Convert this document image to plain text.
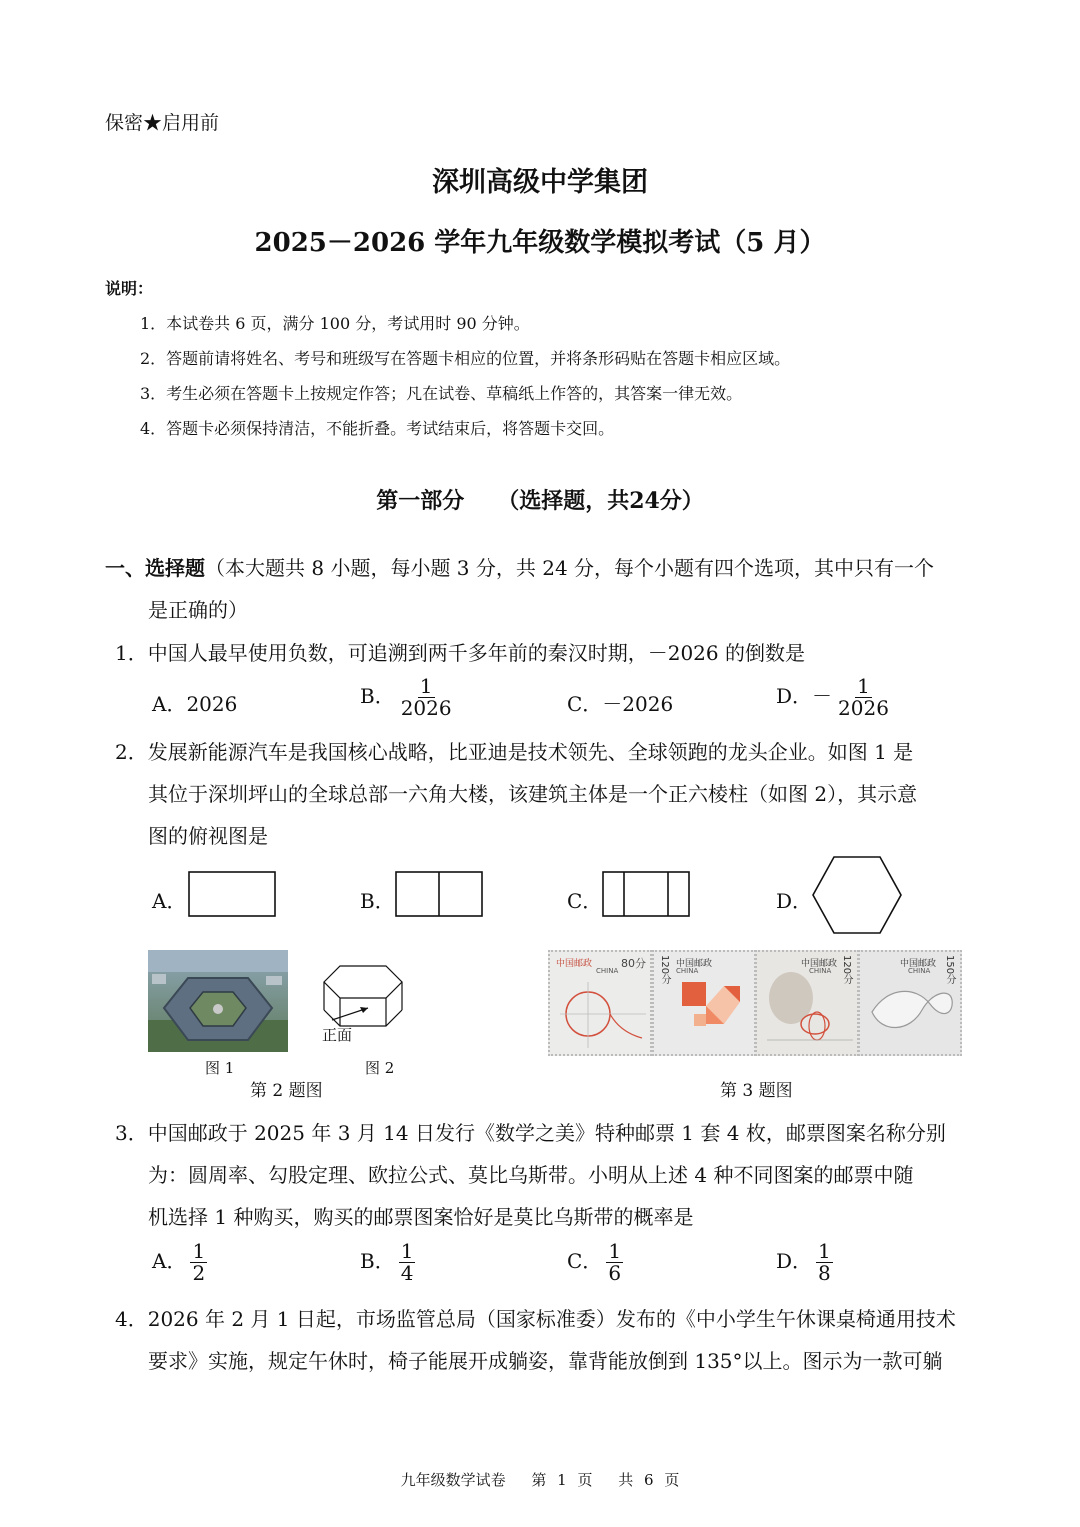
保密★启用前
深圳高级中学集团
2025－2026 学年九年级数学模拟考试（5 月）
说明：
1．本试卷共 6 页，满分 100 分，考试用时 90 分钟。
2．答题前请将姓名、考号和班级写在答题卡相应的位置，并将条形码贴在答题卡相应区域。
3．考生必须在答题卡上按规定作答；凡在试卷、草稿纸上作答的，其答案一律无效。
4．答题卡必须保持清洁，不能折叠。考试结束后，将答题卡交回。
第一部分　　（选择题，共24分）
一、选择题（本大题共 8 小题，每小题 3 分，共 24 分，每个小题有四个选项，其中只有一个
是正确的）
1．中国人最早使用负数，可追溯到两千多年前的秦汉时期，－2026 的倒数是
A．2026	B． $\frac{1}{2026}$	C．－2026	D．－ $\frac{1}{2026}$
2．发展新能源汽车是我国核心战略，比亚迪是技术领先、全球领跑的龙头企业。如图 1 是
其位于深圳坪山的全球总部一六角大楼，该建筑主体是一个正六棱柱（如图 2），其示意
图的俯视图是
A．	B．	C．	D．
图 1
正面
图 2
第 2 题图
中国邮政
CHINA
80分	中国邮政
CHINA
120分	中国邮政
CHINA 120分	中国邮政
CHINA 150分
第 3 题图
3．中国邮政于 2025 年 3 月 14 日发行《数学之美》特种邮票 1 套 4 枚，邮票图案名称分别
为：圆周率、勾股定理、欧拉公式、莫比乌斯带。小明从上述 4 种不同图案的邮票中随
机选择 1 种购买，购买的邮票图案恰好是莫比乌斯带的概率是
A． $\frac{1}{2}$	B． $\frac{1}{4}$	C． $\frac{1}{6}$	D． $\frac{1}{8}$
4．2026 年 2 月 1 日起，市场监管总局（国家标准委）发布的《中小学生午休课桌椅通用技术
要求》实施，规定午休时，椅子能展开成躺姿，靠背能放倒到 135°以上。图示为一款可躺
九年级数学试卷　 第 1 页　 共 6 页
